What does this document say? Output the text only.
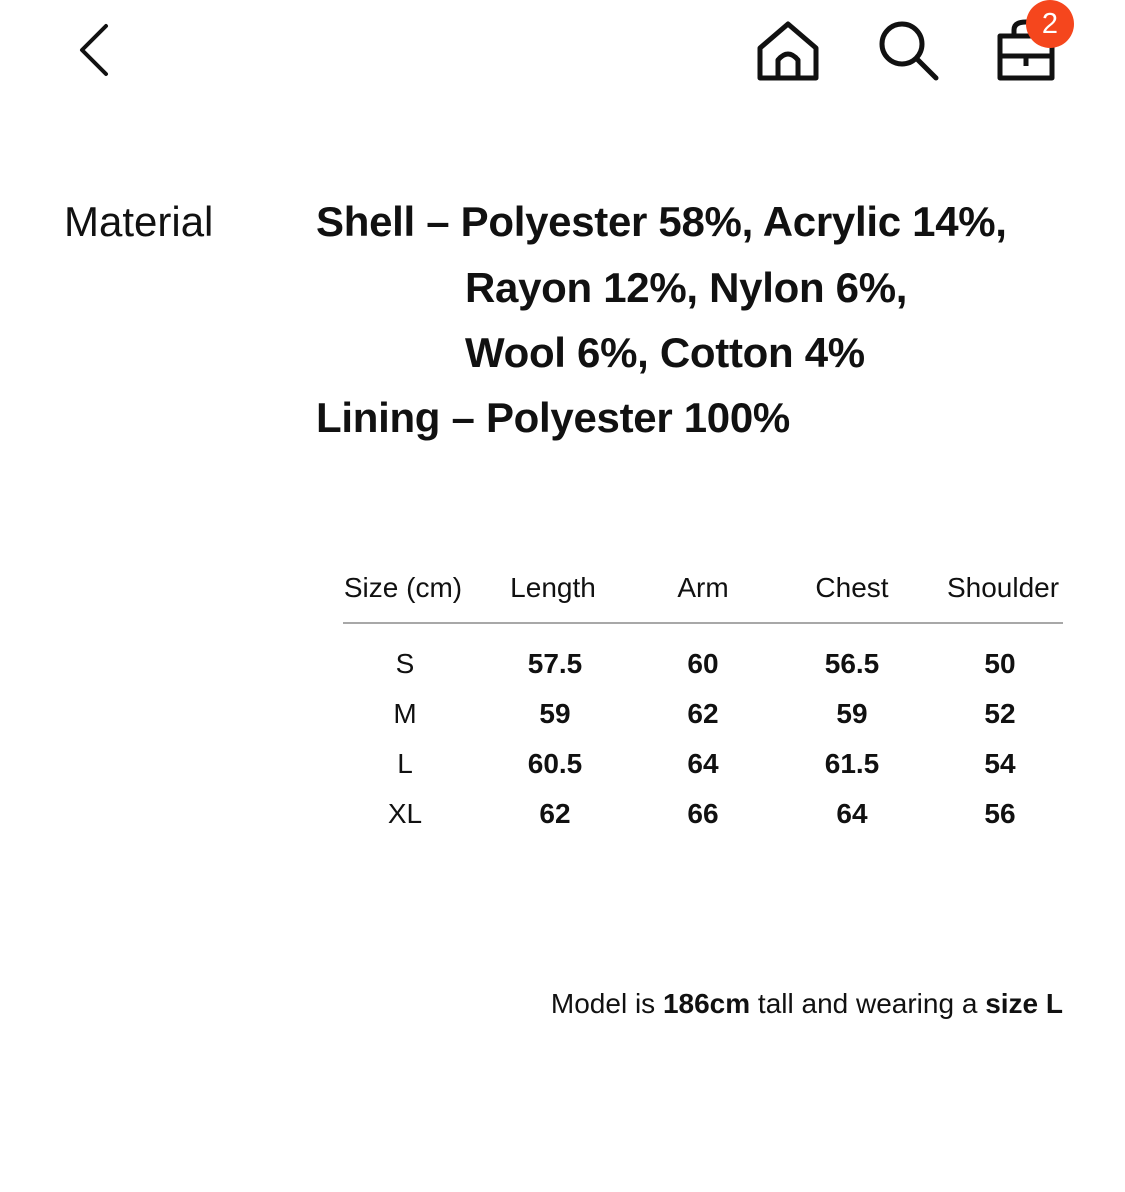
2
Material Shell – Polyester 58%, Acrylic 14%,
Rayon 12%, Nylon 6%,
Wool 6%, Cotton 4%
Lining – Polyester 100%
Size (cm)	Length	Arm	Chest	Shoulder
S	57.5	60	56.5	50
M	59	62	59	52
L	60.5	64	61.5	54
XL	62	66	64	56
Model is 186cm tall and wearing a size L
